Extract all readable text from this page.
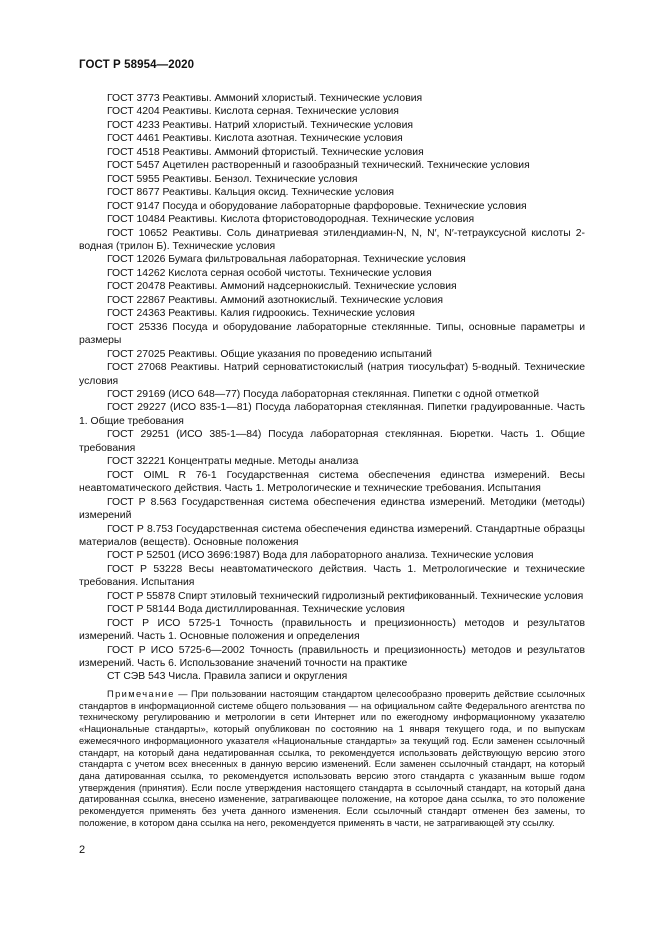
ГОСТ Р 58954—2020

ГОСТ 3773 Реактивы. Аммоний хлористый. Технические условия

ГОСТ 4204 Реактивы. Кислота серная. Технические условия

ГОСТ 4233 Реактивы. Натрий хлористый. Технические условия

ГОСТ 4461 Реактивы. Кислота азотная. Технические условия

ГОСТ 4518 Реактивы. Аммоний фтористый. Технические условия

ГОСТ 5457 Ацетилен растворенный и газообразный технический. Технические условия

ГОСТ 5955 Реактивы. Бензол. Технические условия

ГОСТ 8677 Реактивы. Кальция оксид. Технические условия

ГОСТ 9147 Посуда и оборудование лабораторные фарфоровые. Технические условия

ГОСТ 10484 Реактивы. Кислота фтористоводородная. Технические условия

ГОСТ 10652 Реактивы. Соль динатриевая этилендиамин-N, N, N′, N′-тетрауксусной кислоты 2-водная (трилон Б). Технические условия

ГОСТ 12026 Бумага фильтровальная лабораторная. Технические условия

ГОСТ 14262 Кислота серная особой чистоты. Технические условия

ГОСТ 20478 Реактивы. Аммоний надсернокислый. Технические условия

ГОСТ 22867 Реактивы. Аммоний азотнокислый. Технические условия

ГОСТ 24363 Реактивы. Калия гидроокись. Технические условия

ГОСТ 25336 Посуда и оборудование лабораторные стеклянные. Типы, основные параметры и размеры

ГОСТ 27025 Реактивы. Общие указания по проведению испытаний

ГОСТ 27068 Реактивы. Натрий серноватистокислый (натрия тиосульфат) 5-водный. Технические условия

ГОСТ 29169 (ИСО 648—77) Посуда лабораторная стеклянная. Пипетки с одной отметкой

ГОСТ 29227 (ИСО 835-1—81) Посуда лабораторная стеклянная. Пипетки градуированные. Часть 1. Общие требования

ГОСТ 29251 (ИСО 385-1—84) Посуда лабораторная стеклянная. Бюретки. Часть 1. Общие требования

ГОСТ 32221 Концентраты медные. Методы анализа

ГОСТ OIML R 76-1 Государственная система обеспечения единства измерений. Весы неавтоматического действия. Часть 1. Метрологические и технические требования. Испытания

ГОСТ Р 8.563 Государственная система обеспечения единства измерений. Методики (методы) измерений

ГОСТ Р 8.753 Государственная система обеспечения единства измерений. Стандартные образцы материалов (веществ). Основные положения

ГОСТ Р 52501 (ИСО 3696:1987) Вода для лабораторного анализа. Технические условия

ГОСТ Р 53228 Весы неавтоматического действия. Часть 1. Метрологические и технические требования. Испытания

ГОСТ Р 55878 Спирт этиловый технический гидролизный ректификованный. Технические условия

ГОСТ Р 58144 Вода дистиллированная. Технические условия

ГОСТ Р ИСО 5725-1 Точность (правильность и прецизионность) методов и результатов измерений. Часть 1. Основные положения и определения

ГОСТ Р ИСО 5725-6—2002 Точность (правильность и прецизионность) методов и результатов измерений. Часть 6. Использование значений точности на практике

СТ СЭВ 543 Числа. Правила записи и округления

Примечание — При пользовании настоящим стандартом целесообразно проверить действие ссылочных стандартов в информационной системе общего пользования — на официальном сайте Федерального агентства по техническому регулированию и метрологии в сети Интернет или по ежегодному информационному указателю «Национальные стандарты», который опубликован по состоянию на 1 января текущего года, и по выпускам ежемесячного информационного указателя «Национальные стандарты» за текущий год. Если заменен ссылочный стандарт, на который дана недатированная ссылка, то рекомендуется использовать действующую версию этого стандарта с учетом всех внесенных в данную версию изменений. Если заменен ссылочный стандарт, на который дана датированная ссылка, то рекомендуется использовать версию этого стандарта с указанным выше годом утверждения (принятия). Если после утверждения настоящего стандарта в ссылочный стандарт, на который дана датированная ссылка, внесено изменение, затрагивающее положение, на которое дана ссылка, то это положение рекомендуется применять без учета данного изменения. Если ссылочный стандарт отменен без замены, то положение, в котором дана ссылка на него, рекомендуется применять в части, не затрагивающей эту ссылку.

2
